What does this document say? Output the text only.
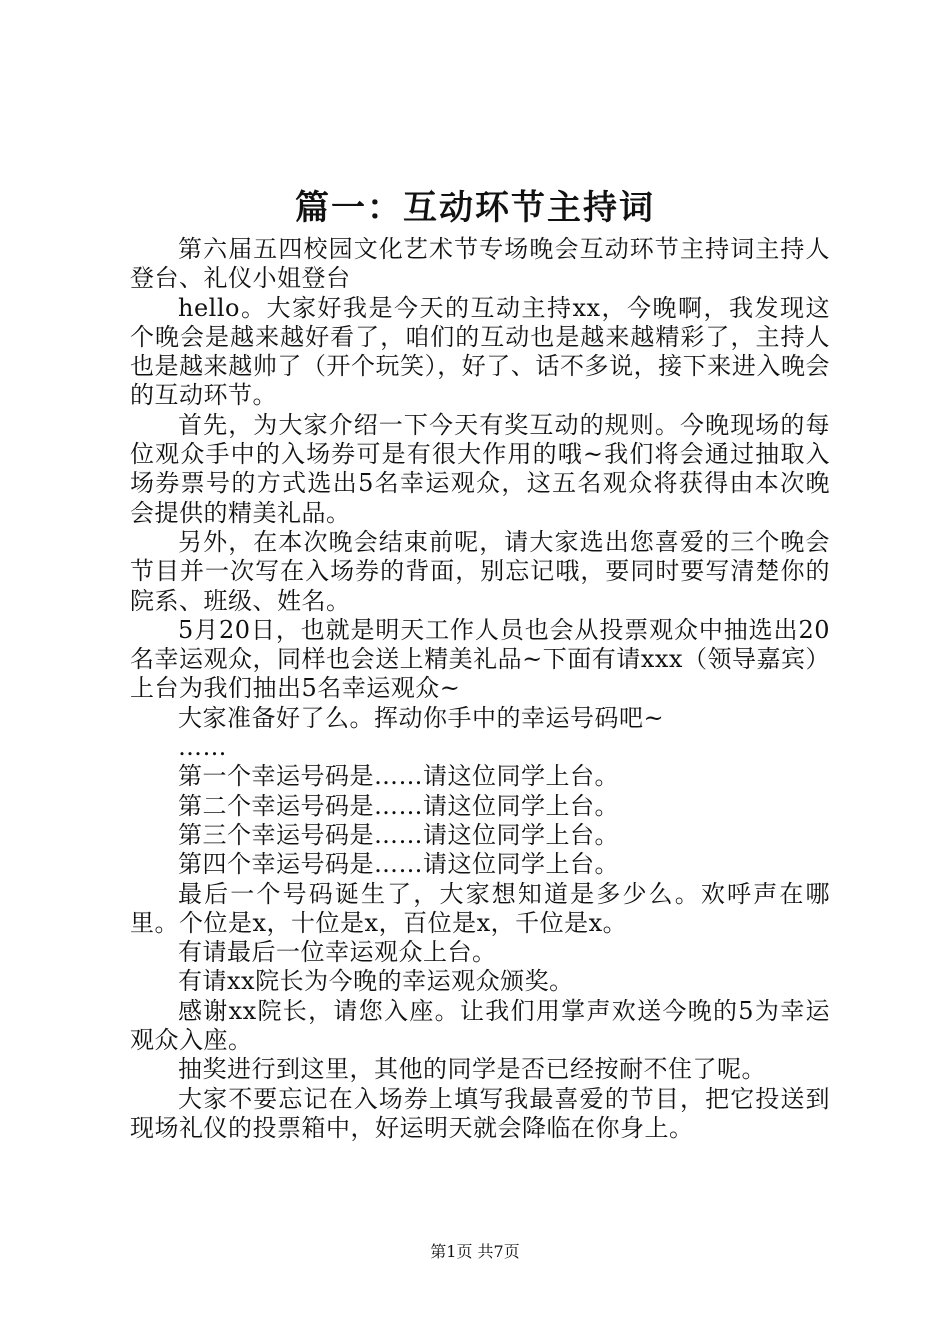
篇一：互动环节主持词

第六届五四校园文化艺术节专场晚会互动环节主持词主持人登台、礼仪小姐登台

hello。大家好我是今天的互动主持xx，今晚啊，我发现这个晚会是越来越好看了，咱们的互动也是越来越精彩了，主持人也是越来越帅了（开个玩笑），好了、话不多说，接下来进入晚会的互动环节。

首先，为大家介绍一下今天有奖互动的规则。今晚现场的每位观众手中的入场券可是有很大作用的哦~我们将会通过抽取入场券票号的方式选出5名幸运观众，这五名观众将获得由本次晚会提供的精美礼品。

另外，在本次晚会结束前呢，请大家选出您喜爱的三个晚会节目并一次写在入场券的背面，别忘记哦，要同时要写清楚你的院系、班级、姓名。

5月20日，也就是明天工作人员也会从投票观众中抽选出20名幸运观众，同样也会送上精美礼品~下面有请xxx（领导嘉宾）上台为我们抽出5名幸运观众~

大家准备好了么。挥动你手中的幸运号码吧~

……

第一个幸运号码是……请这位同学上台。

第二个幸运号码是……请这位同学上台。

第三个幸运号码是……请这位同学上台。

第四个幸运号码是……请这位同学上台。

最后一个号码诞生了，大家想知道是多少么。欢呼声在哪里。个位是x，十位是x，百位是x，千位是x。

有请最后一位幸运观众上台。

有请xx院长为今晚的幸运观众颁奖。

感谢xx院长，请您入座。让我们用掌声欢送今晚的5为幸运观众入座。

抽奖进行到这里，其他的同学是否已经按耐不住了呢。

大家不要忘记在入场券上填写我最喜爱的节目，把它投送到现场礼仪的投票箱中，好运明天就会降临在你身上。

第1页 共7页
